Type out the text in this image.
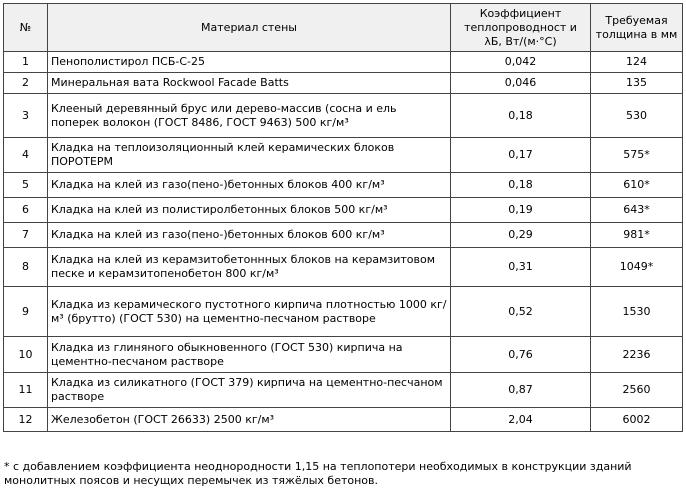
№	Материал стены	Коэффициент теплопроводност и λБ, Вт/(м·°С)	Требуемая толщина в мм
1	Пенополистирол ПСБ-С-25	0,042	124
2	Минеральная вата Rockwool Facade Batts	0,046	135
3	Клееный деревянный брус или дерево-массив (сосна и ель поперек волокон (ГОСТ 8486, ГОСТ 9463) 500 кг/м³	0,18	530
4	Кладка на теплоизоляционный клей керамических блоков ПОРОТЕРМ	0,17	575*
5	Кладка на клей из газо(пено-)бетонных блоков 400 кг/м³	0,18	610*
6	Кладка на клей из полистиролбетонных блоков 500 кг/м³	0,19	643*
7	Кладка на клей из газо(пено-)бетонных блоков 600 кг/м³	0,29	981*
8	Кладка на клей из керамзитобетоннных блоков на керамзитовом песке и керамзитопенобетон 800 кг/м³	0,31	1049*
9	Кладка из керамического пустотного кирпича плотностью 1000 кг/ м³ (брутто) (ГОСТ 530) на цементно-песчаном растворе	0,52	1530
10	Кладка из глиняного обыкновенного (ГОСТ 530) кирпича на цементно-песчаном растворе	0,76	2236
11	Кладка из силикатного (ГОСТ 379) кирпича на цементно-песчаном растворе	0,87	2560
12	Железобетон (ГОСТ 26633) 2500 кг/м³	2,04	6002
* с добавлением коэффициента неоднородности 1,15 на теплопотери необходимых в конструкции зданий монолитных поясов и несущих перемычек из тяжёлых бетонов.
